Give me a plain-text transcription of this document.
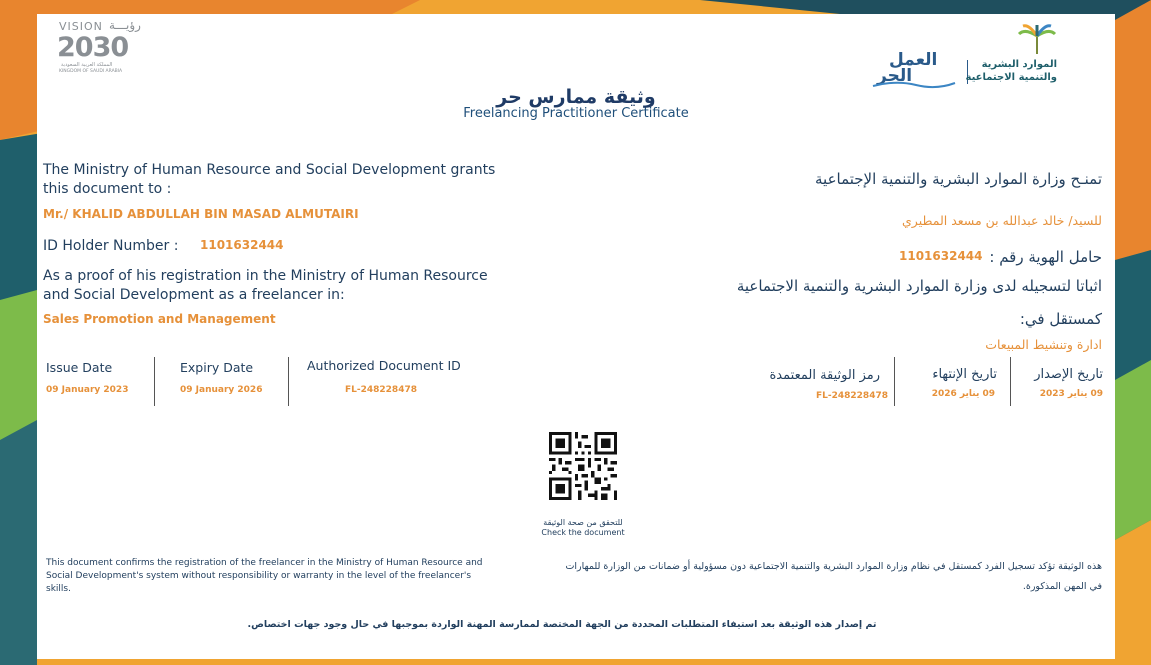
VISION رؤيـــة
2030
المملكة العربية السعودية
KINGDOM OF SAUDI ARABIA
العمل
الحر
الموارد البشرية
والتنمية الاجتماعية
وثيقة ممارس حر
Freelancing Practitioner Certificate
The Ministry of Human Resource and Social Development grants this document to :
Mr./ KHALID ABDULLAH BIN MASAD ALMUTAIRI
ID Holder Number : 1101632444
As a proof of his registration in the Ministry of Human Resource and Social Development as a freelancer in:
Sales Promotion and Management
Issue Date
09 January 2023
Expiry Date
09 January 2026
Authorized Document ID
FL-248228478
تمنـح وزارة الموارد البشرية والتنمية الإجتماعية
للسيد/ خالد عبدالله بن مسعد المطيري
حامل الهوية رقم :
1101632444
اثباتا لتسجيله لدى وزارة الموارد البشرية والتنمية الاجتماعية
كمستقل في:
ادارة وتنشيط المبيعات
تاريخ الإصدار
09 يناير 2023
تاريخ الإنتهاء
09 يناير 2026
رمز الوثيقة المعتمدة
FL-248228478
للتحقق من صحة الوثيقة
Check the document
This document confirms the registration of the freelancer in the Ministry of Human Resource and Social Development's system without responsibility or warranty in the level of the freelancer's skills.
هذه الوثيقة تؤكد تسجيل الفرد كمستقل في نظام وزارة الموارد البشرية والتنمية الاجتماعية دون مسؤولية أو ضمانات من الوزارة للمهارات في المهن المذكورة.
تم إصدار هذه الوثيقة بعد استيفاء المتطلبات المحددة من الجهة المختصة لممارسة المهنة الواردة بموجبها في حال وجود جهات اختصاص.
